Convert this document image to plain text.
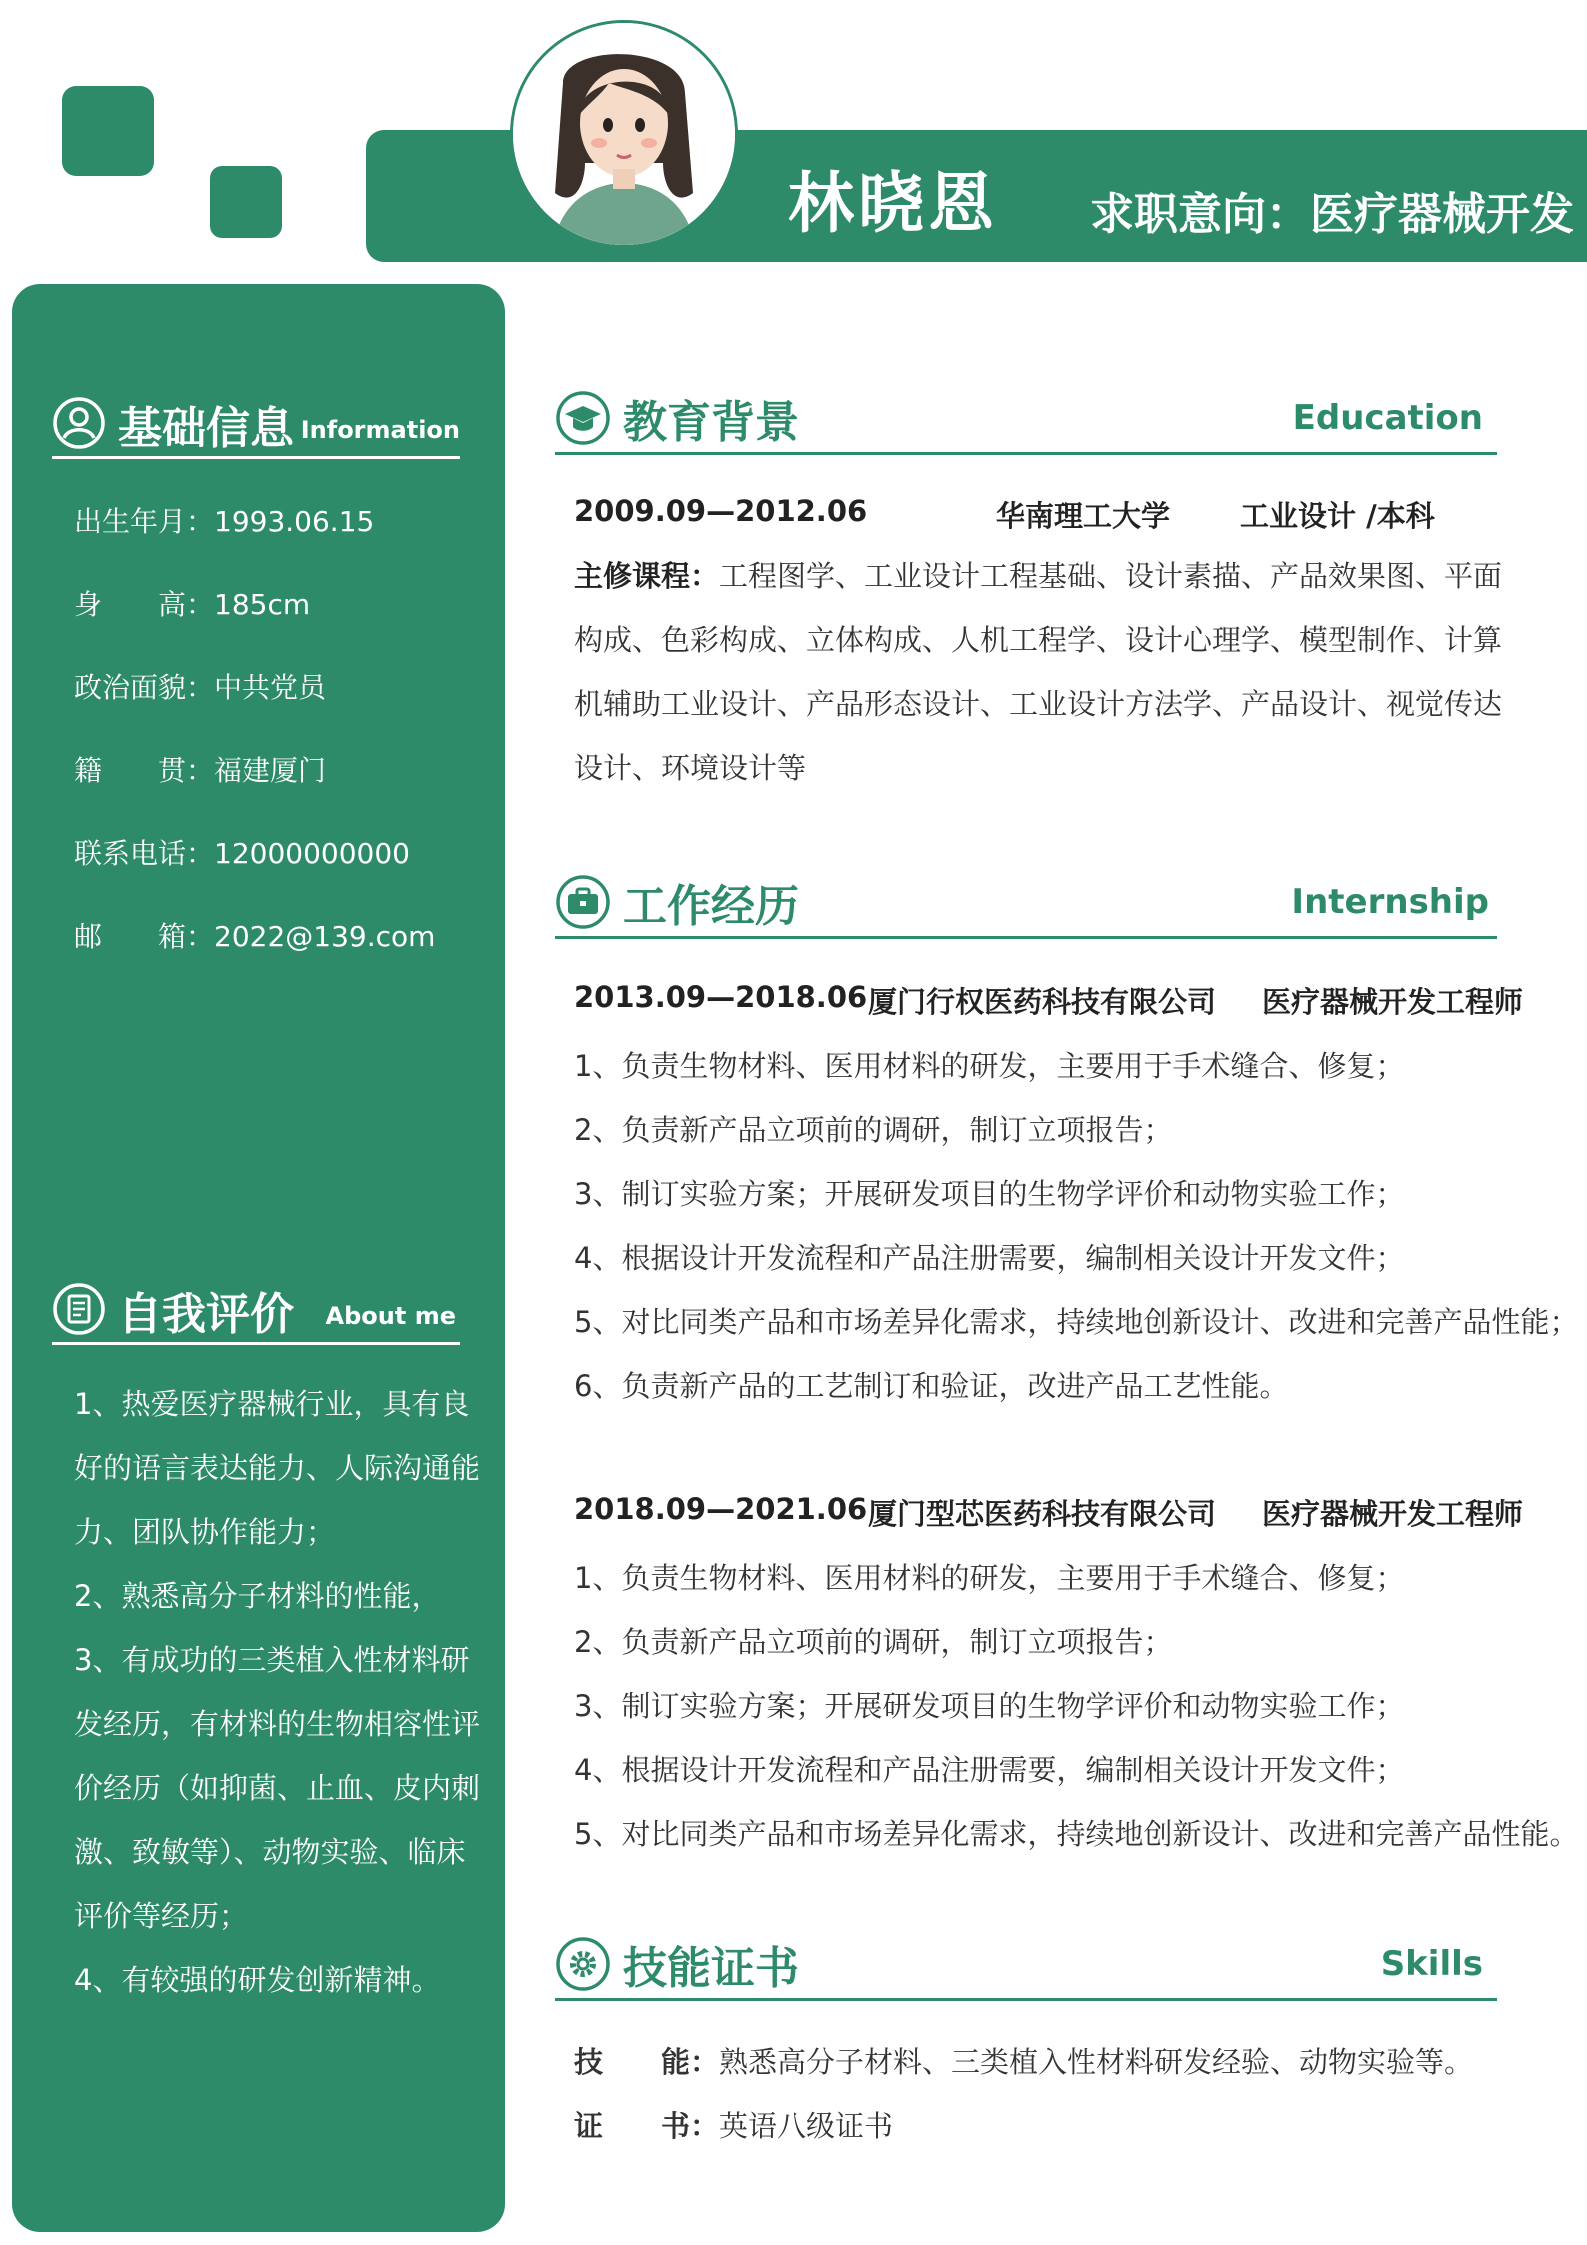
林晓恩 求职意向：医疗器械开发
基础信息 Information
出生年月：1993.06.15
身　　高：185cm
政治面貌：中共党员
籍　　贯：福建厦门
联系电话：12000000000
邮　　箱：2022@139.com
自我评价 About me
1、热爱医疗器械行业，具有良好的语言表达能力、人际沟通能力、团队协作能力；
2、熟悉高分子材料的性能，
3、有成功的三类植入性材料研发经历，有材料的生物相容性评价经历（如抑菌、止血、皮内刺激、致敏等）、动物实验、临床评价等经历；
4、有较强的研发创新精神。
教育背景	Education
2009.09—2012.06	华南理工大学 工业设计 /本科
主修课程：工程图学、工业设计工程基础、设计素描、产品效果图、平面构成、色彩构成、立体构成、人机工程学、设计心理学、模型制作、计算机辅助工业设计、产品形态设计、工业设计方法学、产品设计、视觉传达设计、环境设计等
工作经历	Internship
2013.09—2018.06 厦门行权医药科技有限公司 医疗器械开发工程师
1、负责生物材料、医用材料的研发，主要用于手术缝合、修复；
2、负责新产品立项前的调研，制订立项报告；
3、制订实验方案；开展研发项目的生物学评价和动物实验工作；
4、根据设计开发流程和产品注册需要，编制相关设计开发文件；
5、对比同类产品和市场差异化需求，持续地创新设计、改进和完善产品性能；
6、负责新产品的工艺制订和验证，改进产品工艺性能。
2018.09—2021.06 厦门型芯医药科技有限公司 医疗器械开发工程师
1、负责生物材料、医用材料的研发，主要用于手术缝合、修复；
2、负责新产品立项前的调研，制订立项报告；
3、制订实验方案；开展研发项目的生物学评价和动物实验工作；
4、根据设计开发流程和产品注册需要，编制相关设计开发文件；
5、对比同类产品和市场差异化需求，持续地创新设计、改进和完善产品性能。
技能证书	Skills
技　　能：熟悉高分子材料、三类植入性材料研发经验、动物实验等。
证　　书：英语八级证书
